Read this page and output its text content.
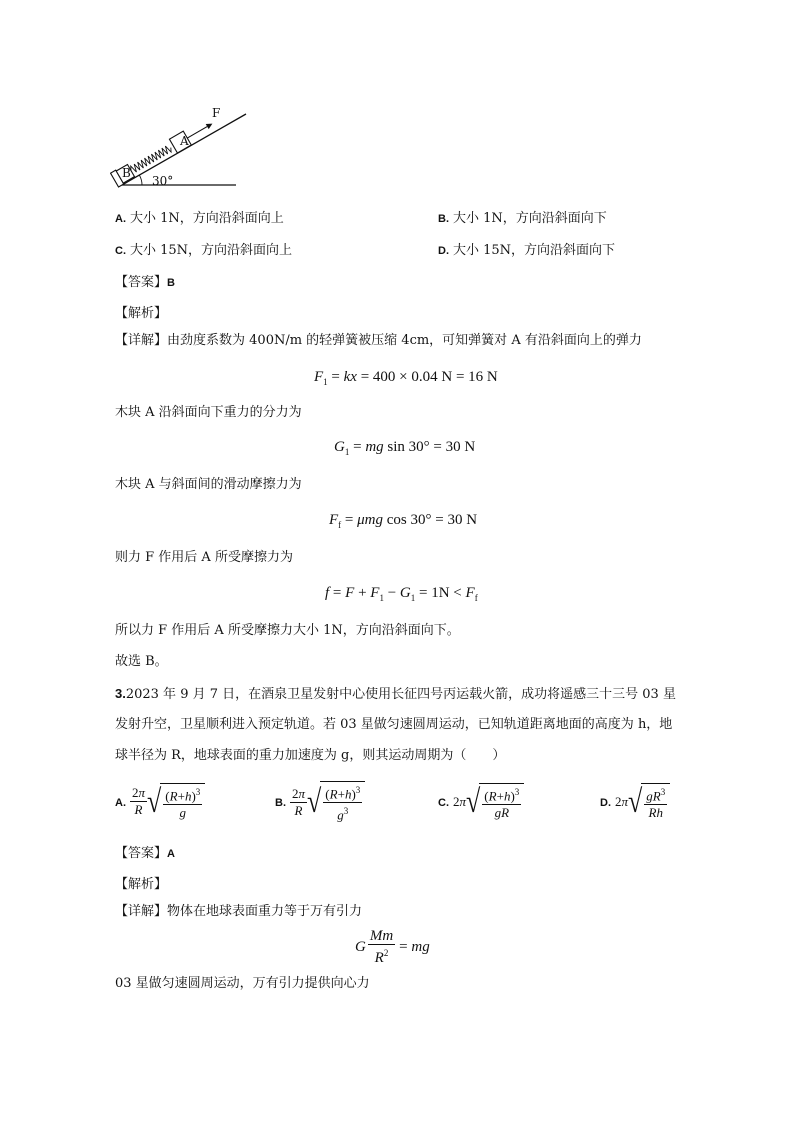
B
A
F
30°
A. 大小 1N，方向沿斜面向上	B. 大小 1N，方向沿斜面向下
C. 大小 15N，方向沿斜面向上	D. 大小 15N，方向沿斜面向下
【答案】B
【解析】
【详解】由劲度系数为 400N/m 的轻弹簧被压缩 4cm，可知弹簧对 A 有沿斜面向上的弹力
$F_1$ = kx = 400 × 0.04 N = 16 N
木块 A 沿斜面向下重力的分力为
$G_1$ = mg sin 30° = 30 N
木块 A 与斜面间的滑动摩擦力为
$F_f = \mu mg$ cos 30° = 30 N
则力 F 作用后 A 所受摩擦力为
$f = F + F_1 - G_1 = 1N < F_f$
所以力 F 作用后 A 所受摩擦力大小 1N，方向沿斜面向下。
故选 B。
3.2023 年 9 月 7 日，在酒泉卫星发射中心使用长征四号丙运载火箭，成功将遥感三十三号 03 星
发射升空，卫星顺利进入预定轨道。若 03 星做匀速圆周运动，已知轨道距离地面的高度为 h，地
球半径为 R，地球表面的重力加速度为 g，则其运动周期为（　　）
A. $\frac{2\pi}{R}$ √ $\frac{(R+h)^3}{g}$	B. $\frac{2\pi}{R}$ √ $\frac{(R+h)^3}{g^3}$	C. 2 π √ $\frac{(R+h)^3}{gR}$	D. 2 π √ $\frac{gR^3}{Rh}$
【答案】A
【解析】
【详解】物体在地球表面重力等于万有引力
G $\frac{Mm}{R^2}$ = mg
03 星做匀速圆周运动，万有引力提供向心力
